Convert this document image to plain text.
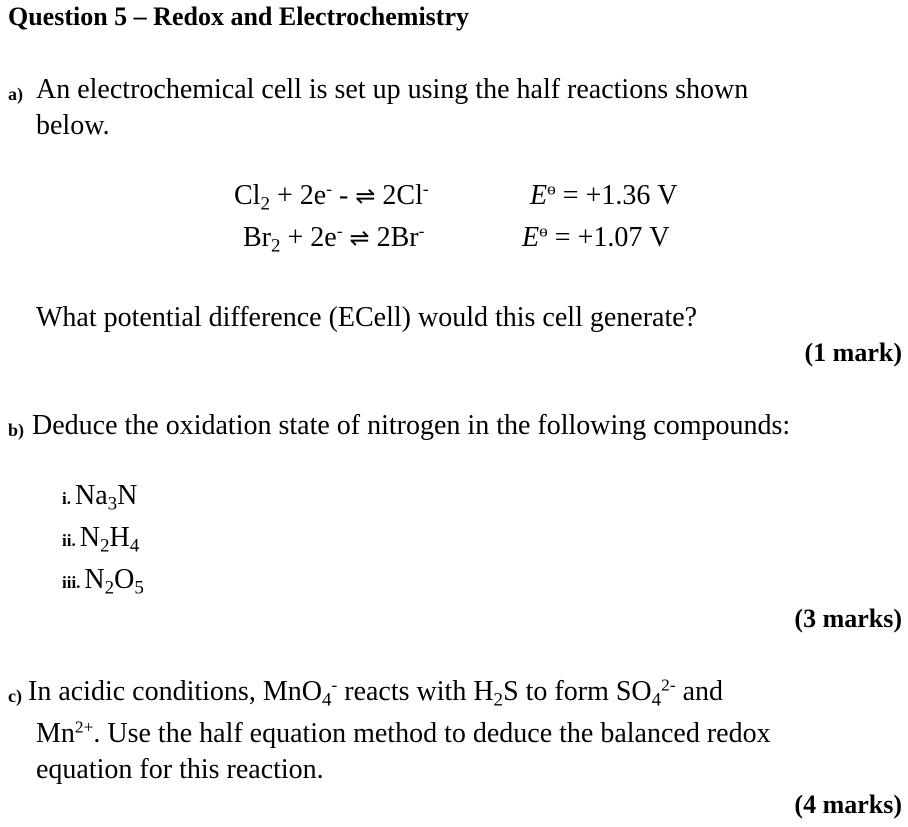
Question 5 – Redox and Electrochemistry
a) An electrochemical cell is set up using the half reactions shown
below.
$Cl_2 + 2e^-$ - ⇌ 2Cl-	$E^ө = +1.36$ V
$Br_2 + 2e^-$ ⇌ 2Br-	$E^ө = +1.07$ V
What potential difference (ECell) would this cell generate?
(1 mark)
b) Deduce the oxidation state of nitrogen in the following compounds:
i. $Na_3N$
ii. $N_2H_4$
iii. $N_2O_5$
(3 marks)
c) In acidic conditions, MnO$_4$- reacts with $H_2S$ to form $SO_4^{2-}$ and
$Mn^{2+}$. Use the half equation method to deduce the balanced redox
equation for this reaction.
(4 marks)
